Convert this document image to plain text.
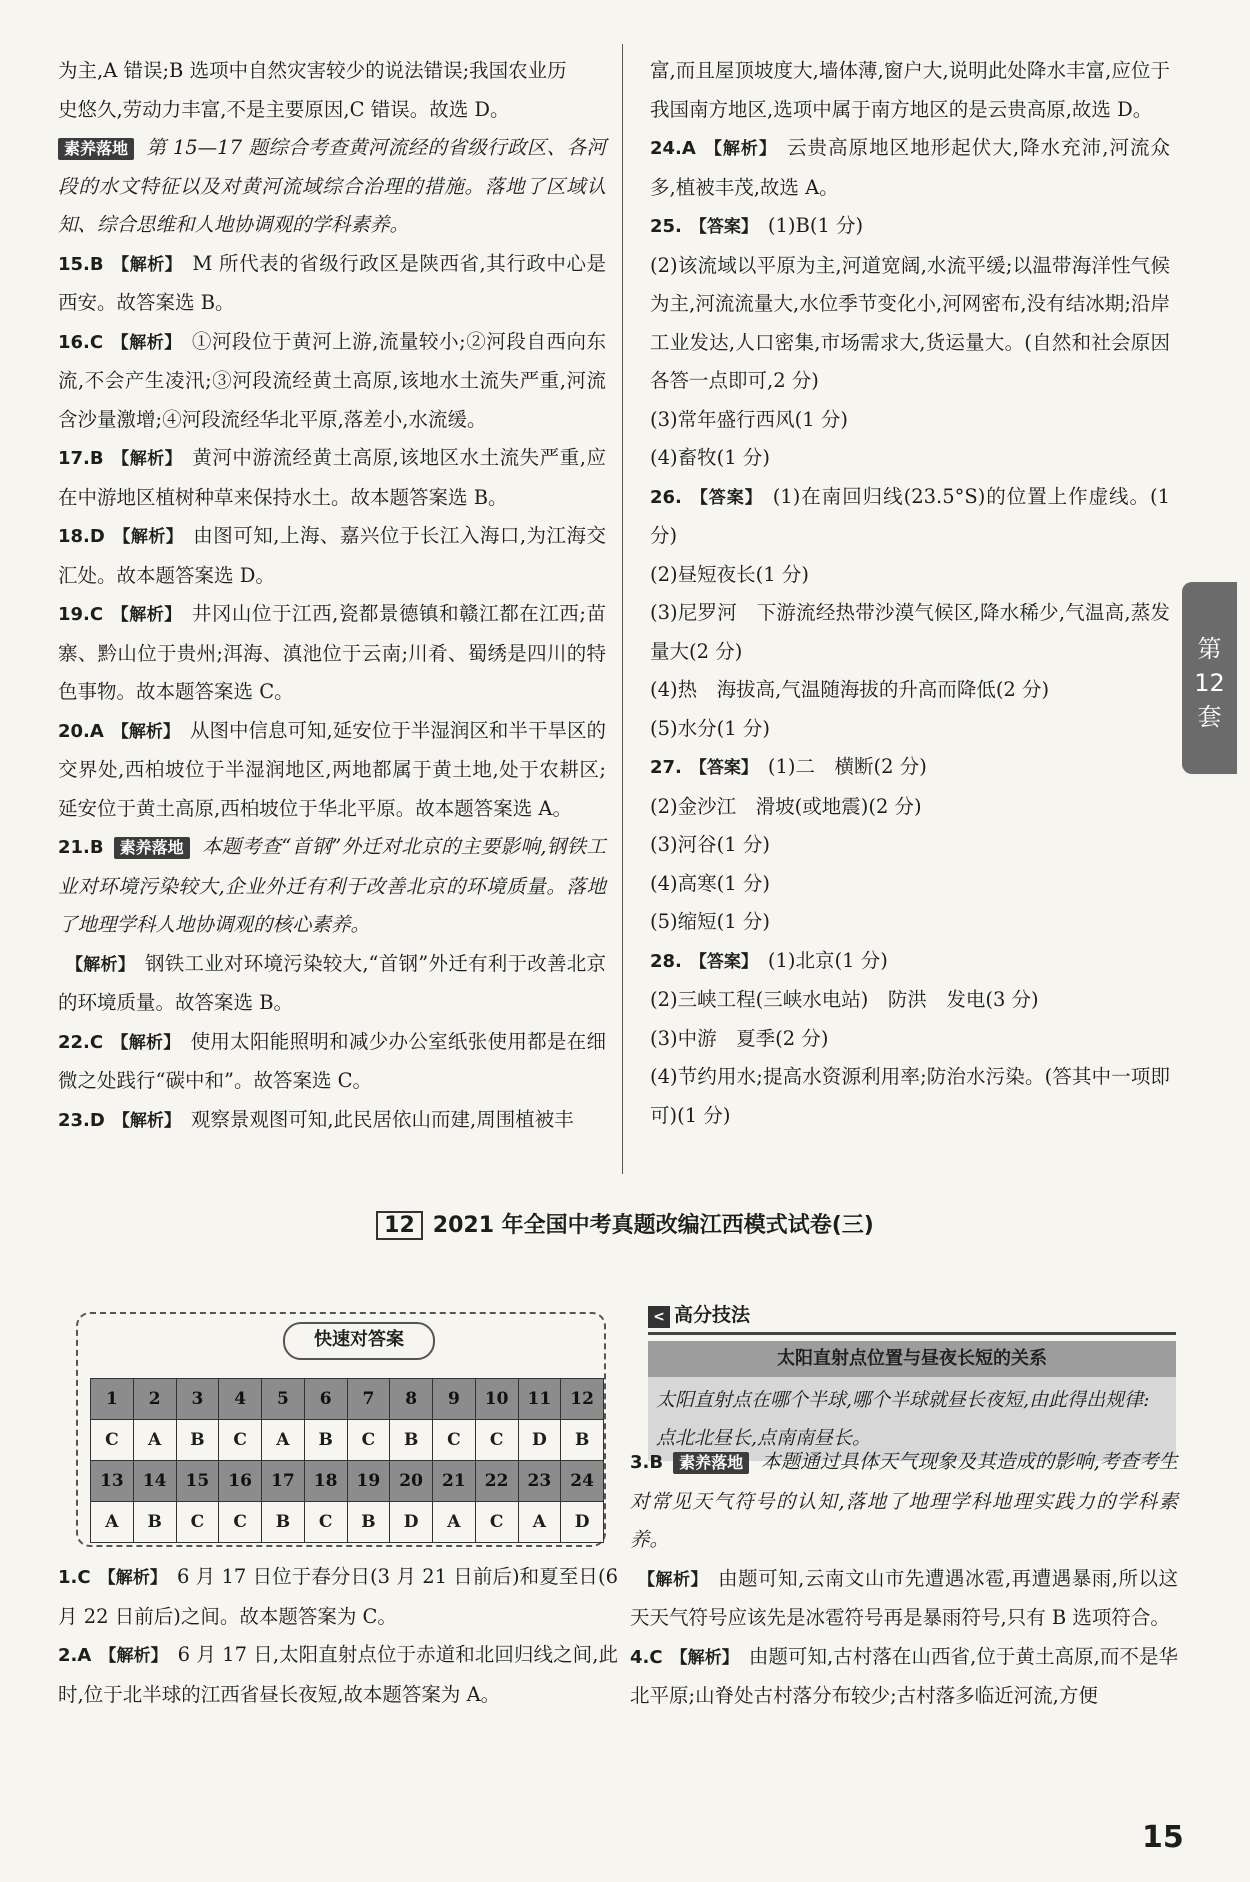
为主,A 错误;B 选项中自然灾害较少的说法错误;我国农业历

史悠久,劳动力丰富,不是主要原因,C 错误。故选 D。

素养落地 第 15—17 题综合考查黄河流经的省级行政区、各河段的水文特征以及对黄河流域综合治理的措施。落地了区域认知、综合思维和人地协调观的学科素养。

15.B 【解析】 M 所代表的省级行政区是陕西省,其行政中心是西安。故答案选 B。

16.C 【解析】 ①河段位于黄河上游,流量较小;②河段自西向东流,不会产生凌汛;③河段流经黄土高原,该地水土流失严重,河流含沙量激增;④河段流经华北平原,落差小,水流缓。

17.B 【解析】 黄河中游流经黄土高原,该地区水土流失严重,应在中游地区植树种草来保持水土。故本题答案选 B。

18.D 【解析】 由图可知,上海、嘉兴位于长江入海口,为江海交汇处。故本题答案选 D。

19.C 【解析】 井冈山位于江西,瓷都景德镇和赣江都在江西;苗寨、黔山位于贵州;洱海、滇池位于云南;川肴、蜀绣是四川的特色事物。故本题答案选 C。

20.A 【解析】 从图中信息可知,延安位于半湿润区和半干旱区的交界处,西柏坡位于半湿润地区,两地都属于黄土地,处于农耕区;延安位于黄土高原,西柏坡位于华北平原。故本题答案选 A。

21.B 素养落地 本题考查“首钢”外迁对北京的主要影响,钢铁工业对环境污染较大,企业外迁有利于改善北京的环境质量。落地了地理学科人地协调观的核心素养。

【解析】 钢铁工业对环境污染较大,“首钢”外迁有利于改善北京的环境质量。故答案选 B。

22.C 【解析】 使用太阳能照明和减少办公室纸张使用都是在细微之处践行“碳中和”。故答案选 C。

23.D 【解析】 观察景观图可知,此民居依山而建,周围植被丰

富,而且屋顶坡度大,墙体薄,窗户大,说明此处降水丰富,应位于我国南方地区,选项中属于南方地区的是云贵高原,故选 D。

24.A 【解析】 云贵高原地区地形起伏大,降水充沛,河流众多,植被丰茂,故选 A。

25. 【答案】 (1)B(1 分)

(2)该流域以平原为主,河道宽阔,水流平缓;以温带海洋性气候为主,河流流量大,水位季节变化小,河网密布,没有结冰期;沿岸工业发达,人口密集,市场需求大,货运量大。(自然和社会原因各答一点即可,2 分)

(3)常年盛行西风(1 分)

(4)畜牧(1 分)

26. 【答案】 (1)在南回归线(23.5°S)的位置上作虚线。(1 分)

(2)昼短夜长(1 分)

(3)尼罗河　下游流经热带沙漠气候区,降水稀少,气温高,蒸发量大(2 分)

(4)热　海拔高,气温随海拔的升高而降低(2 分)

(5)水分(1 分)

27. 【答案】 (1)二　横断(2 分)

(2)金沙江　滑坡(或地震)(2 分)

(3)河谷(1 分)

(4)高寒(1 分)

(5)缩短(1 分)

28. 【答案】 (1)北京(1 分)

(2)三峡工程(三峡水电站)　防洪　发电(3 分)

(3)中游　夏季(2 分)

(4)节约用水;提高水资源利用率;防治水污染。(答其中一项即可)(1 分)

第
12
套
12 2021 年全国中考真题改编江西模式试卷(三)
快速对答案
1	2	3	4	5	6	7	8	9	10	11	12
C	A	B	C	A	B	C	B	C	C	D	B
13	14	15	16	17	18	19	20	21	22	23	24
A	B	C	C	B	C	B	D	A	C	A	D
< 高分技法
太阳直射点位置与昼夜长短的关系

太阳直射点在哪个半球,哪个半球就昼长夜短,由此得出规律:点北北昼长,点南南昼长。

1.C 【解析】 6 月 17 日位于春分日(3 月 21 日前后)和夏至日(6 月 22 日前后)之间。故本题答案为 C。

2.A 【解析】 6 月 17 日,太阳直射点位于赤道和北回归线之间,此时,位于北半球的江西省昼长夜短,故本题答案为 A。

3.B 素养落地 本题通过具体天气现象及其造成的影响,考查考生对常见天气符号的认知,落地了地理学科地理实践力的学科素养。

【解析】 由题可知,云南文山市先遭遇冰雹,再遭遇暴雨,所以这天天气符号应该先是冰雹符号再是暴雨符号,只有 B 选项符合。

4.C 【解析】 由题可知,古村落在山西省,位于黄土高原,而不是华北平原;山脊处古村落分布较少;古村落多临近河流,方便

15
